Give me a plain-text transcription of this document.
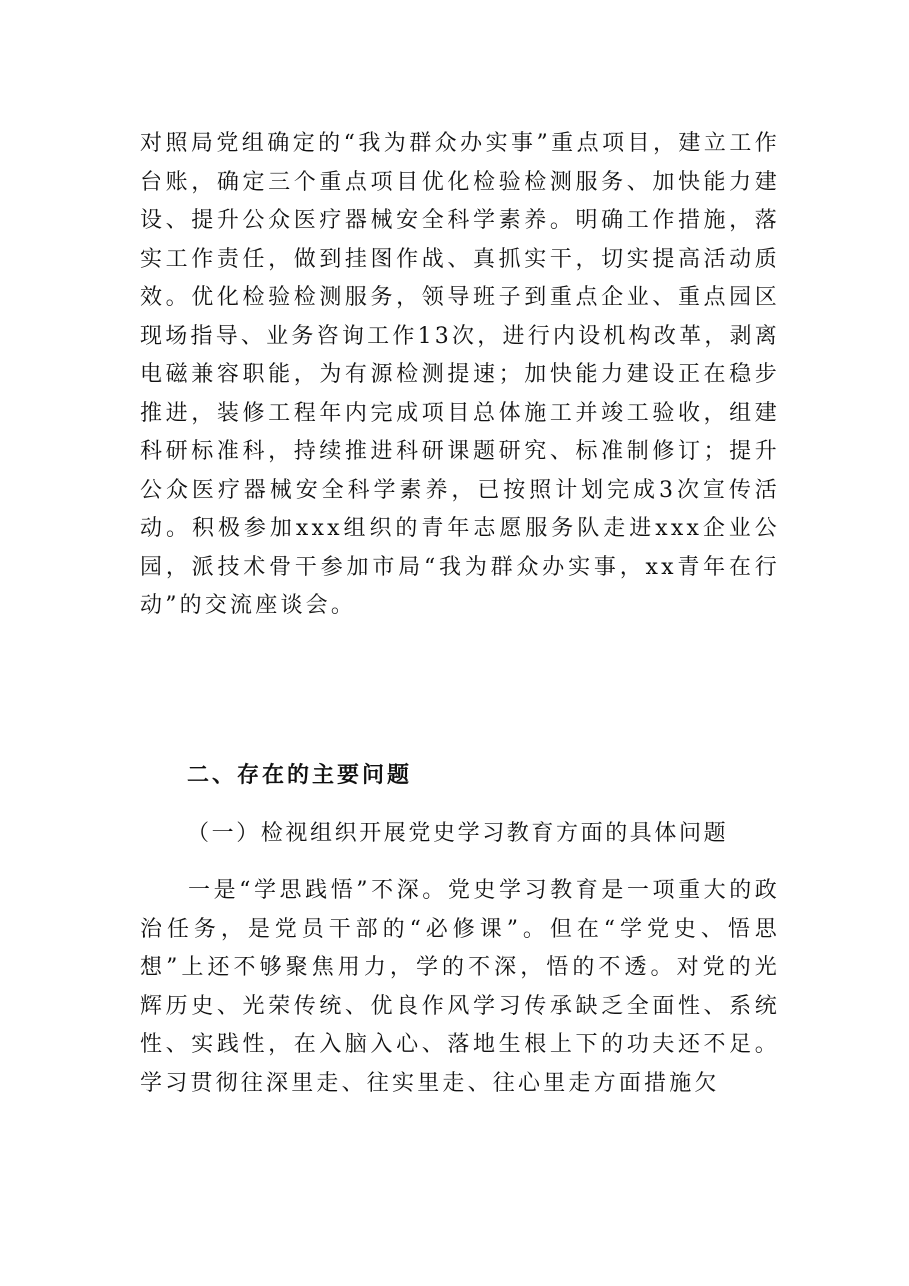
对照局党组确定的“我为群众办实事”重点项目，建立工作台账，确定三个重点项目优化检验检测服务、加快能力建设、提升公众医疗器械安全科学素养。明确工作措施，落实工作责任，做到挂图作战、真抓实干，切实提高活动质效。优化检验检测服务，领导班子到重点企业、重点园区现场指导、业务咨询工作13次，进行内设机构改革，剥离电磁兼容职能，为有源检测提速；加快能力建设正在稳步推进，装修工程年内完成项目总体施工并竣工验收，组建科研标准科，持续推进科研课题研究、标准制修订；提升公众医疗器械安全科学素养，已按照计划完成3次宣传活动。积极参加xxx组织的青年志愿服务队走进xxx企业公园，派技术骨干参加市局“我为群众办实事，xx青年在行动”的交流座谈会。

二、存在的主要问题

（一）检视组织开展党史学习教育方面的具体问题

一是“学思践悟”不深。党史学习教育是一项重大的政治任务，是党员干部的“必修课”。但在“学党史、悟思想”上还不够聚焦用力，学的不深，悟的不透。对党的光辉历史、光荣传统、优良作风学习传承缺乏全面性、系统性、实践性，在入脑入心、落地生根上下的功夫还不足。学习贯彻往深里走、往实里走、往心里走方面措施欠
